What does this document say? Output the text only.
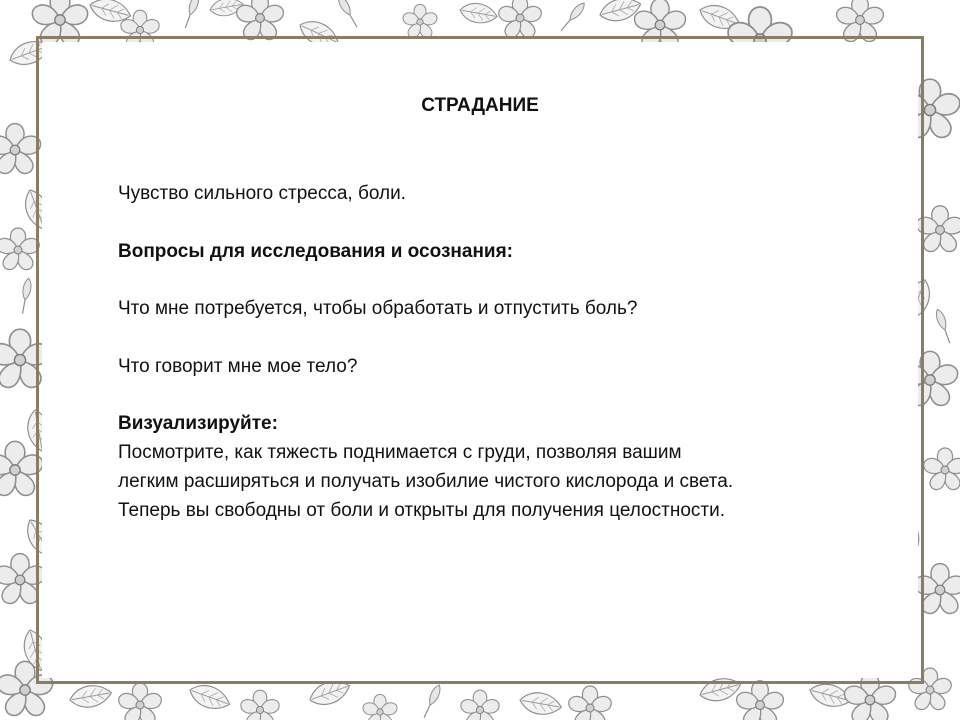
СТРАДАНИЕ
Чувство сильного стресса, боли.
Вопросы для исследования и осознания:
Что мне потребуется, чтобы обработать и отпустить боль?
Что говорит мне мое тело?
Визуализируйте:
Посмотрите, как тяжесть поднимается с груди, позволяя вашим
легким расширяться и получать изобилие чистого кислорода и света.
Теперь вы свободны от боли и открыты для получения целостности.
